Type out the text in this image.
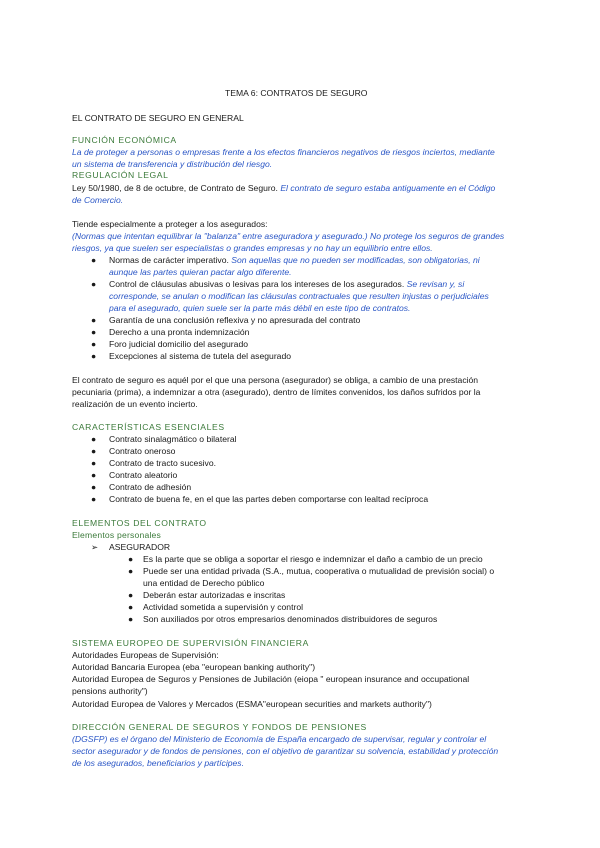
TEMA 6: CONTRATOS DE SEGURO
EL CONTRATO DE SEGURO EN GENERAL
FUNCIÓN ECONÓMICA
La de proteger a personas o empresas frente a los efectos financieros negativos de riesgos inciertos, mediante
un sistema de transferencia y distribución del riesgo.
REGULACIÓN LEGAL
Ley 50/1980, de 8 de octubre, de Contrato de Seguro. El contrato de seguro estaba antiguamente en el Código
de Comercio.
Tiende especialmente a proteger a los asegurados:
(Normas que intentan equilibrar la "balanza" entre aseguradora y asegurado.) No protege los seguros de grandes
riesgos, ya que suelen ser especialistas o grandes empresas y no hay un equilibrio entre ellos.
● Normas de carácter imperativo. Son aquellas que no pueden ser modificadas, son obligatorias, ni
aunque las partes quieran pactar algo diferente.
● Control de cláusulas abusivas o lesivas para los intereses de los asegurados. Se revisan y, si
corresponde, se anulan o modifican las cláusulas contractuales que resulten injustas o perjudiciales
para el asegurado, quien suele ser la parte más débil en este tipo de contratos.
● Garantía de una conclusión reflexiva y no apresurada del contrato
● Derecho a una pronta indemnización
● Foro judicial domicilio del asegurado
● Excepciones al sistema de tutela del asegurado
El contrato de seguro es aquél por el que una persona (asegurador) se obliga, a cambio de una prestación
pecuniaria (prima), a indemnizar a otra (asegurado), dentro de límites convenidos, los daños sufridos por la
realización de un evento incierto.
CARACTERÍSTICAS ESENCIALES
● Contrato sinalagmático o bilateral
● Contrato oneroso
● Contrato de tracto sucesivo.
● Contrato aleatorio
● Contrato de adhesión
● Contrato de buena fe, en el que las partes deben comportarse con lealtad recíproca
ELEMENTOS DEL CONTRATO
Elementos personales
➢ ASEGURADOR
● Es la parte que se obliga a soportar el riesgo e indemnizar el daño a cambio de un precio
● Puede ser una entidad privada (S.A., mutua, cooperativa o mutualidad de previsión social) o
una entidad de Derecho público
● Deberán estar autorizadas e inscritas
● Actividad sometida a supervisión y control
● Son auxiliados por otros empresarios denominados distribuidores de seguros
SISTEMA EUROPEO DE SUPERVISIÓN FINANCIERA
Autoridades Europeas de Supervisión:
Autoridad Bancaria Europea (eba "european banking authority")
Autoridad Europea de Seguros y Pensiones de Jubilación (eiopa " european insurance and occupational
pensions authority")
Autoridad Europea de Valores y Mercados (ESMA"european securities and markets authority")
DIRECCIÓN GENERAL DE SEGUROS Y FONDOS DE PENSIONES
(DGSFP) es el órgano del Ministerio de Economía de España encargado de supervisar, regular y controlar el
sector asegurador y de fondos de pensiones, con el objetivo de garantizar su solvencia, estabilidad y protección
de los asegurados, beneficiarios y partícipes.
